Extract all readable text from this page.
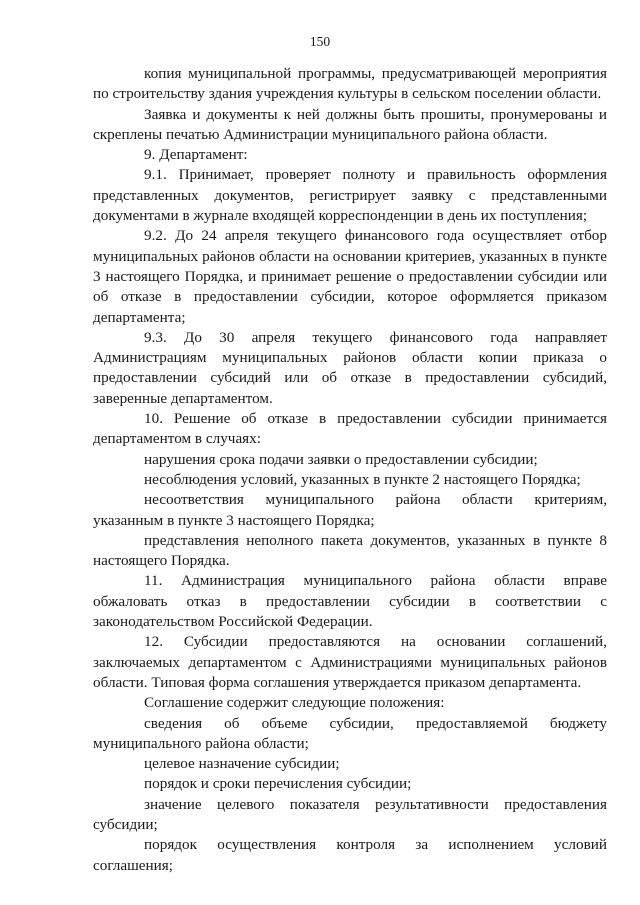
150

копия муниципальной программы, предусматривающей мероприятия по строительству здания учреждения культуры в сельском поселении области.

Заявка и документы к ней должны быть прошиты, пронумерованы и скреплены печатью Администрации муниципального района области.

9. Департамент:

9.1. Принимает, проверяет полноту и правильность оформления представленных документов, регистрирует заявку с представленными документами в журнале входящей корреспонденции в день их поступления;

9.2. До 24 апреля текущего финансового года осуществляет отбор муниципальных районов области на основании критериев, указанных в пункте 3 настоящего Порядка, и принимает решение о предоставлении субсидии или об отказе в предоставлении субсидии, которое оформляется приказом департамента;

9.3. До 30 апреля текущего финансового года направляет Администрациям муниципальных районов области копии приказа о предоставлении субсидий или об отказе в предоставлении субсидий, заверенные департаментом.

10. Решение об отказе в предоставлении субсидии принимается департаментом в случаях:

нарушения срока подачи заявки о предоставлении субсидии;

несоблюдения условий, указанных в пункте 2 настоящего Порядка;

несоответствия муниципального района области критериям, указанным в пункте 3 настоящего Порядка;

представления неполного пакета документов, указанных в пункте 8 настоящего Порядка.

11. Администрация муниципального района области вправе обжаловать отказ в предоставлении субсидии в соответствии с законодательством Российской Федерации.

12. Субсидии предоставляются на основании соглашений, заключаемых департаментом с Администрациями муниципальных районов области. Типовая форма соглашения утверждается приказом департамента.

Соглашение содержит следующие положения:

сведения об объеме субсидии, предоставляемой бюджету муниципального района области;

целевое назначение субсидии;

порядок и сроки перечисления субсидии;

значение целевого показателя результативности предоставления субсидии;

порядок осуществления контроля за исполнением условий соглашения;
